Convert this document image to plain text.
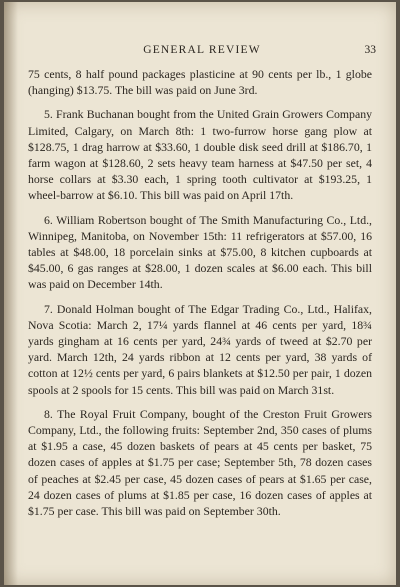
GENERAL REVIEW	33

75 cents, 8 half pound packages plasticine at 90 cents per lb., 1 globe (hanging) $13.75. The bill was paid on June 3rd.

5. Frank Buchanan bought from the United Grain Growers Company Limited, Calgary, on March 8th: 1 two-furrow horse gang plow at $128.75, 1 drag harrow at $33.60, 1 double disk seed drill at $186.70, 1 farm wagon at $128.60, 2 sets heavy team harness at $47.50 per set, 4 horse collars at $3.30 each, 1 spring tooth cultivator at $193.25, 1 wheel-barrow at $6.10. This bill was paid on April 17th.

6. William Robertson bought of The Smith Manufacturing Co., Ltd., Winnipeg, Manitoba, on November 15th: 11 refrigerators at $57.00, 16 tables at $48.00, 18 porcelain sinks at $75.00, 8 kitchen cupboards at $45.00, 6 gas ranges at $28.00, 1 dozen scales at $6.00 each. This bill was paid on December 14th.

7. Donald Holman bought of The Edgar Trading Co., Ltd., Halifax, Nova Scotia: March 2, 17¼ yards flannel at 46 cents per yard, 18¾ yards gingham at 16 cents per yard, 24¾ yards of tweed at $2.70 per yard. March 12th, 24 yards ribbon at 12 cents per yard, 38 yards of cotton at 12½ cents per yard, 6 pairs blankets at $12.50 per pair, 1 dozen spools at 2 spools for 15 cents. This bill was paid on March 31st.

8. The Royal Fruit Company, bought of the Creston Fruit Growers Company, Ltd., the following fruits: September 2nd, 350 cases of plums at $1.95 a case, 45 dozen baskets of pears at 45 cents per basket, 75 dozen cases of apples at $1.75 per case; September 5th, 78 dozen cases of peaches at $2.45 per case, 45 dozen cases of pears at $1.65 per case, 24 dozen cases of plums at $1.85 per case, 16 dozen cases of apples at $1.75 per case. This bill was paid on September 30th.
